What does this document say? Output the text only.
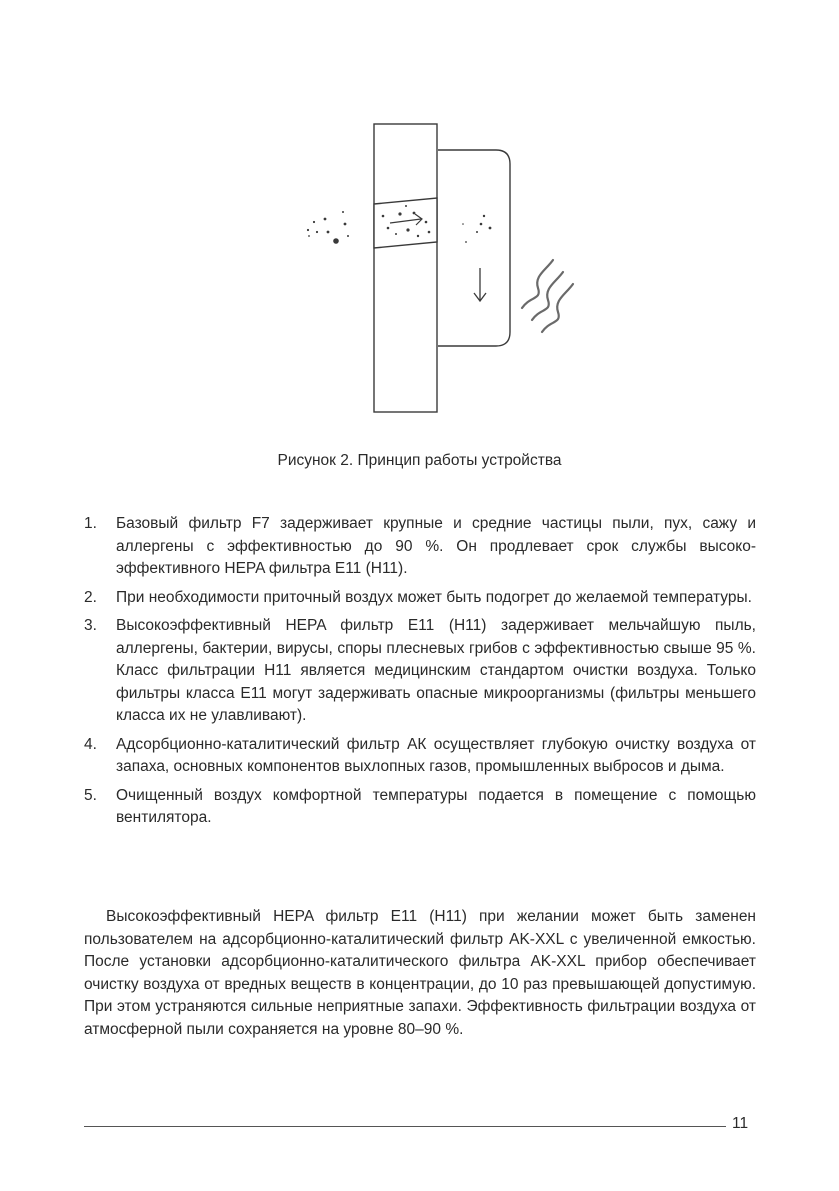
Рисунок 2. Принцип работы устройства
1. Базовый фильтр F7 задерживает крупные и средние частицы пыли, пух, сажу и аллергены с эффективностью до 90 %. Он продлевает срок службы высокоэффективного HEPA фильтра E11 (H11).
2. При необходимости приточный воздух может быть подогрет до желаемой температуры.
3. Высокоэффективный HEPA фильтр E11 (H11) задерживает мельчайшую пыль, аллергены, бактерии, вирусы, споры плесневых грибов с эффективностью свыше 95 %. Класс фильтрации H11 является медицинским стандартом очистки воздуха. Только фильтры класса E11 могут задерживать опасные микроорганизмы (фильтры меньшего класса их не улавливают).
4. Адсорбционно-каталитический фильтр АК осуществляет глубокую очистку воздуха от запаха, основных компонентов выхлопных газов, промышленных выбросов и дыма.
5. Очищенный воздух комфортной температуры подается в помещение с помощью вентилятора.

Высокоэффективный HEPA фильтр E11 (H11) при желании может быть заменен пользователем на адсорбционно-каталитический фильтр AK-XXL с увеличенной емкостью. После установки адсорбционно-каталитического фильтра AK-XXL прибор обеспечивает очистку воздуха от вредных веществ в концентрации, до 10 раз превышающей допустимую. При этом устраняются сильные неприятные запахи. Эффективность фильтрации воздуха от атмосферной пыли сохраняется на уровне 80–90 %.

11
